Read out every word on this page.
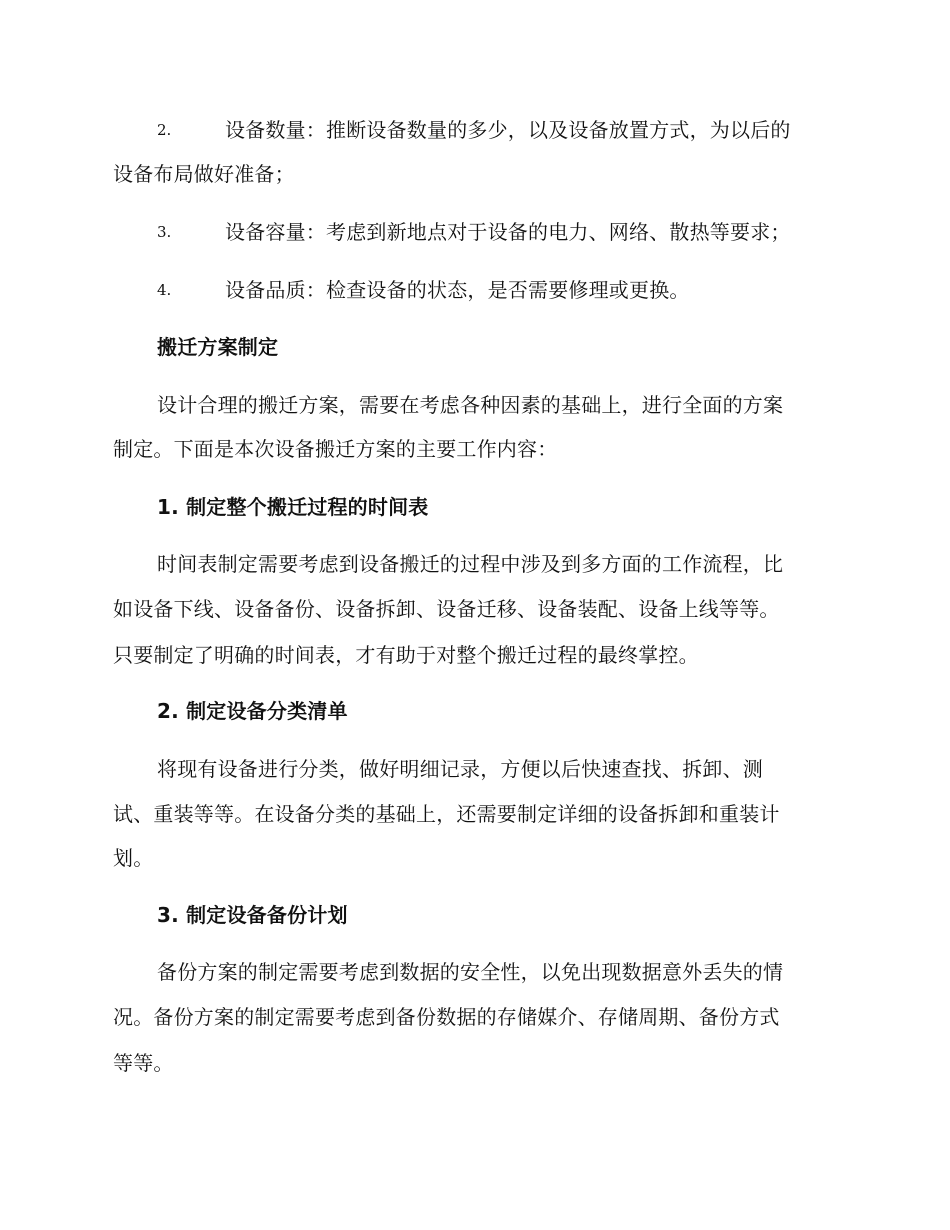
2.	设备数量：推断设备数量的多少，以及设备放置方式，为以后的
设备布局做好准备；
3.	设备容量：考虑到新地点对于设备的电力、网络、散热等要求；
4.	设备品质：检查设备的状态，是否需要修理或更换。
搬迁方案制定
设计合理的搬迁方案，需要在考虑各种因素的基础上，进行全面的方案
制定。下面是本次设备搬迁方案的主要工作内容：
1. 制定整个搬迁过程的时间表
时间表制定需要考虑到设备搬迁的过程中涉及到多方面的工作流程，比
如设备下线、设备备份、设备拆卸、设备迁移、设备装配、设备上线等等。
只要制定了明确的时间表，才有助于对整个搬迁过程的最终掌控。
2. 制定设备分类清单
将现有设备进行分类，做好明细记录，方便以后快速查找、拆卸、测
试、重装等等。在设备分类的基础上，还需要制定详细的设备拆卸和重装计
划。
3. 制定设备备份计划
备份方案的制定需要考虑到数据的安全性，以免出现数据意外丢失的情
况。备份方案的制定需要考虑到备份数据的存储媒介、存储周期、备份方式
等等。
